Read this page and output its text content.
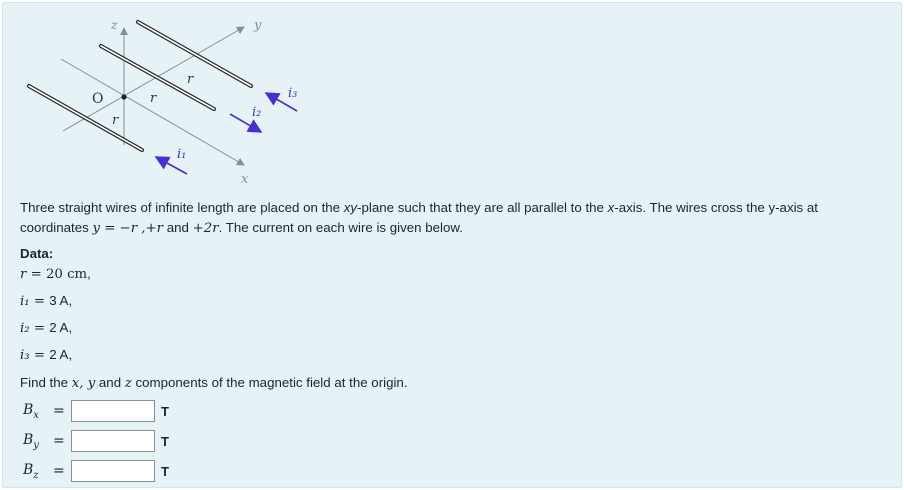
z	y
x
O
r
r
r
i₁
i₂
i₃
Three straight wires of infinite length are placed on the xy-plane such that they are all parallel to the x-axis. The wires cross the y-axis at coordinates y = −r ,+r and +2r. The current on each wire is given below.
Data:
r = 20 cm,
i₁ = 3 A,
i₂ = 2 A,
i₃ = 2 A,
Find the x, y and z components of the magnetic field at the origin.
$B_x$	=	T
$B_y$	=	T
$B_z$	=	T
